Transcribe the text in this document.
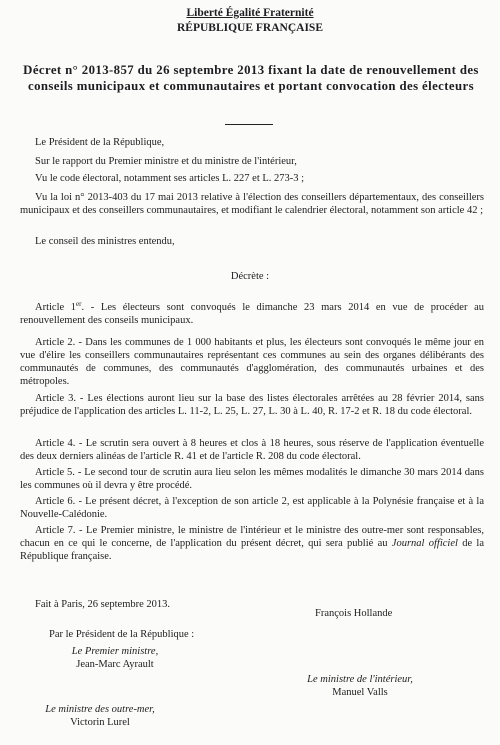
Liberté Égalité Fraternité
RÉPUBLIQUE FRANÇAISE
Décret n° 2013-857 du 26 septembre 2013 fixant la date de renouvellement des conseils municipaux et communautaires et portant convocation des électeurs
Le Président de la République,
Sur le rapport du Premier ministre et du ministre de l'intérieur,
Vu le code électoral, notamment ses articles L. 227 et L. 273-3 ;
Vu la loi n° 2013-403 du 17 mai 2013 relative à l'élection des conseillers départementaux, des conseillers municipaux et des conseillers communautaires, et modifiant le calendrier électoral, notamment son article 42 ;
Le conseil des ministres entendu,
Décrète :
Article 1er. - Les électeurs sont convoqués le dimanche 23 mars 2014 en vue de procéder au renouvellement des conseils municipaux.
Article 2. - Dans les communes de 1 000 habitants et plus, les électeurs sont convoqués le même jour en vue d'élire les conseillers communautaires représentant ces communes au sein des organes délibérants des communautés de communes, des communautés d'agglomération, des communautés urbaines et des métropoles.
Article 3. - Les élections auront lieu sur la base des listes électorales arrêtées au 28 février 2014, sans préjudice de l'application des articles L. 11-2, L. 25, L. 27, L. 30 à L. 40, R. 17-2 et R. 18 du code électoral.
Article 4. - Le scrutin sera ouvert à 8 heures et clos à 18 heures, sous réserve de l'application éventuelle des deux derniers alinéas de l'article R. 41 et de l'article R. 208 du code électoral.
Article 5. - Le second tour de scrutin aura lieu selon les mêmes modalités le dimanche 30 mars 2014 dans les communes où il devra y être procédé.
Article 6. - Le présent décret, à l'exception de son article 2, est applicable à la Polynésie française et à la Nouvelle-Calédonie.
Article 7. - Le Premier ministre, le ministre de l'intérieur et le ministre des outre-mer sont responsables, chacun en ce qui le concerne, de l'application du présent décret, qui sera publié au Journal officiel de la République française.
Fait à Paris, 26 septembre 2013.
François Hollande
Par le Président de la République :
Le Premier ministre,
Jean-Marc Ayrault
Le ministre de l'intérieur,
Manuel Valls
Le ministre des outre-mer,
Victorin Lurel
